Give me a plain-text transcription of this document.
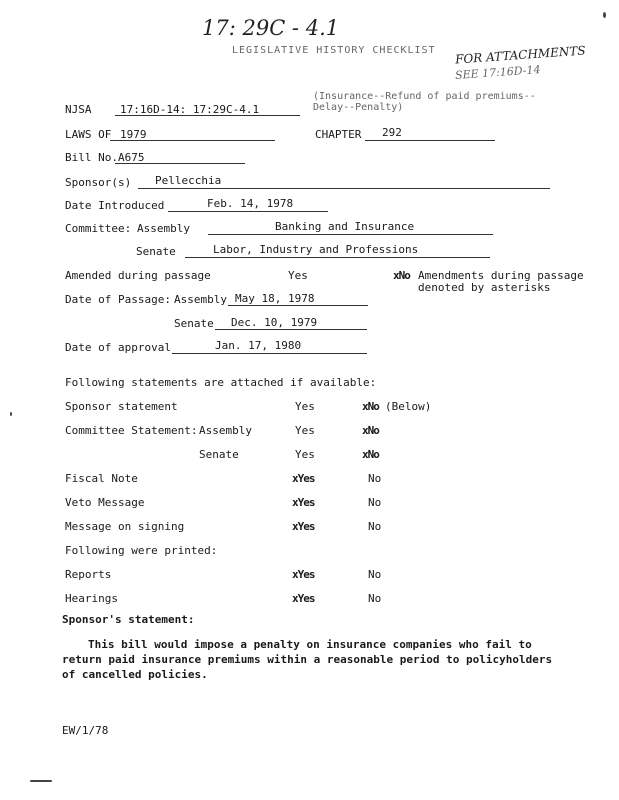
17: 29C - 4.1
LEGISLATIVE HISTORY CHECKLIST FOR ATTACHMENTS
SEE 17:16D-14
NJSA	17:16D-14: 17:29C-4.1
(Insurance--Refund of paid premiums--
Delay--Penalty)
LAWS OF 1979	CHAPTER 292
Bill No. A675
Sponsor(s) Pellecchia
Date Introduced	Feb. 14, 1978
Committee: Assembly	Banking and Insurance
Senate	Labor, Industry and Professions
Amended during passage	Yes	xNo Amendments during passage
denoted by asterisks
Date of Passage: Assembly May 18, 1978
Senate Dec. 10, 1979
Date of approval	Jan. 17, 1980
Following statements are attached if available:
Sponsor statement	Yes	xNo (Below)
Committee Statement: Assembly	Yes	xNo
Senate	Yes	xNo
Fiscal Note	xYes	No
Veto Message	xYes	No
Message on signing	xYes	No
Following were printed:
Reports	xYes	No
Hearings	xYes	No
Sponsor's statement:
This bill would impose a penalty on insurance companies who fail to return paid insurance premiums within a reasonable period to policyholders of cancelled policies.
EW/1/78
